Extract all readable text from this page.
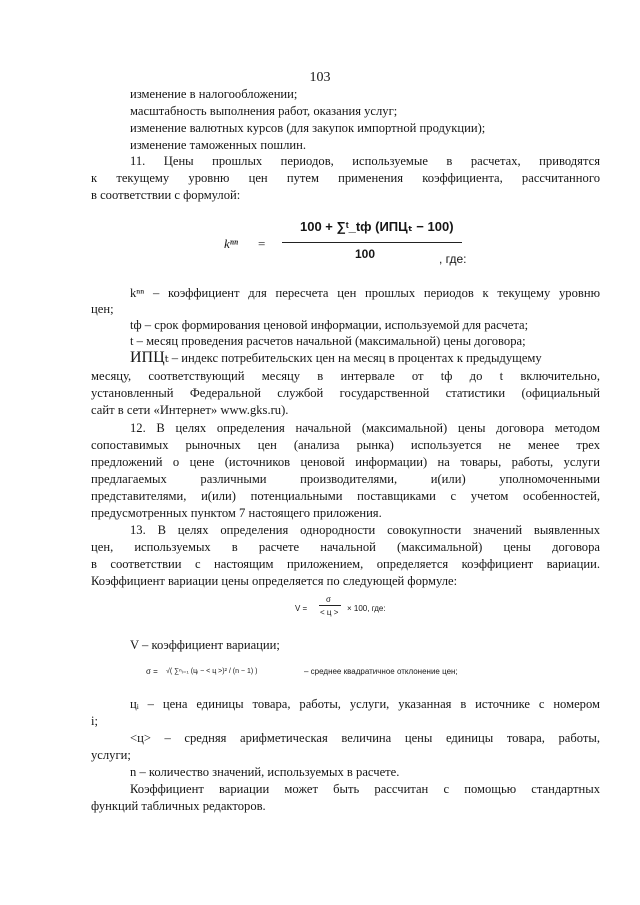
103
изменение в налогообложении;
масштабность выполнения работ, оказания услуг;
изменение валютных курсов (для закупок импортной продукции);
изменение таможенных пошлин.
11. Цены прошлых периодов, используемые в расчетах, приводятся
к текущему уровню цен путем применения коэффициента, рассчитанного
в соответствии с формулой:
kⁿⁿ =
100 + ∑ᵗ_tф (ИПЦₜ − 100)
100	, где:
kⁿⁿ – коэффициент для пересчета цен прошлых периодов к текущему уровню
цен;
tф – срок формирования ценовой информации, используемой для расчета;
t – месяц проведения расчетов начальной (максимальной) цены договора;
ИПЦₜ – индекс потребительских цен на месяц в процентах к предыдущему
месяцу, соответствующий месяцу в интервале от tф до t включительно,
установленный Федеральной службой государственной статистики (официальный
сайт в сети «Интернет» www.gks.ru).
12. В целях определения начальной (максимальной) цены договора методом
сопоставимых рыночных цен (анализа рынка) используется не менее трех
предложений о цене (источников ценовой информации) на товары, работы, услуги
предлагаемых различными производителями, и(или) уполномоченными
представителями, и(или) потенциальными поставщиками с учетом особенностей,
предусмотренных пунктом 7 настоящего приложения.
13. В целях определения однородности совокупности значений выявленных
цен, используемых в расчете начальной (максимальной) цены договора
в соответствии с настоящим приложением, определяется коэффициент вариации.
Коэффициент вариации цены определяется по следующей формуле:
V =
σ
< ц > × 100, где:
V – коэффициент вариации;
σ = √( ∑ⁿᵢ₌₁ (цᵢ − < ц >)² / (n − 1) )	– среднее квадратичное отклонение цен;
цᵢ – цена единицы товара, работы, услуги, указанная в источнике с номером
i;
<ц> – средняя арифметическая величина цены единицы товара, работы,
услуги;
n – количество значений, используемых в расчете.
Коэффициент вариации может быть рассчитан с помощью стандартных
функций табличных редакторов.
